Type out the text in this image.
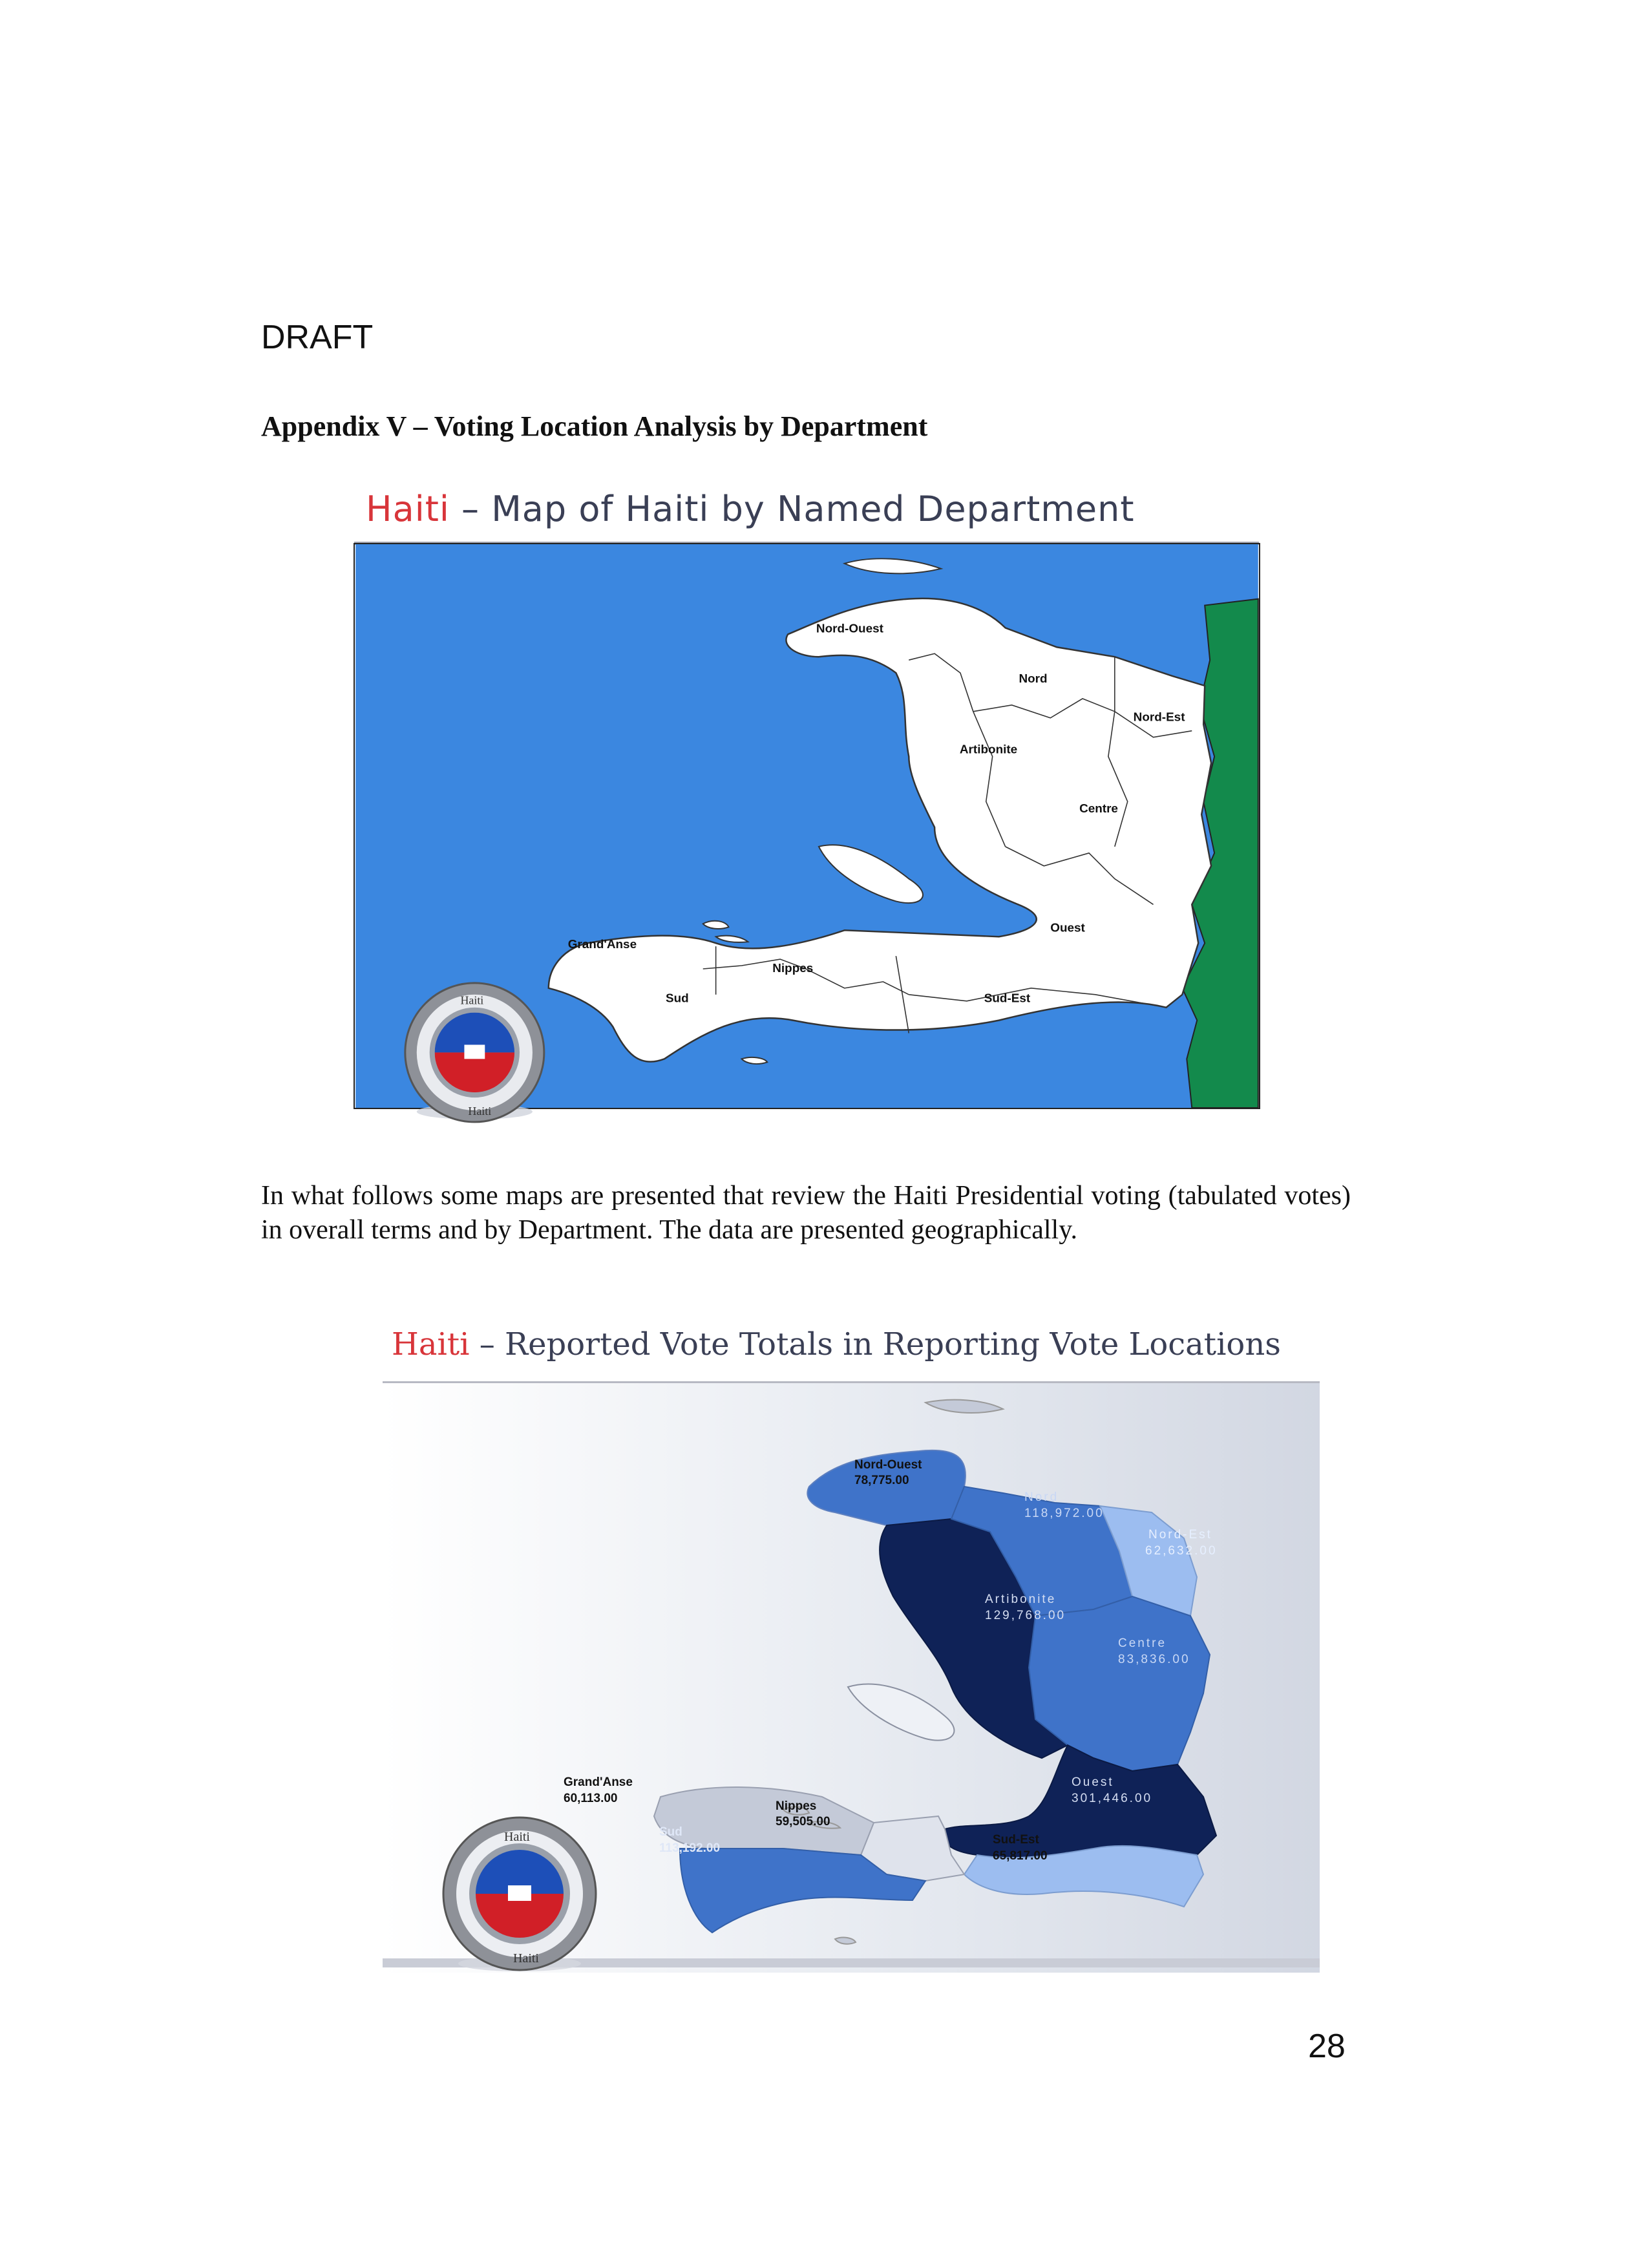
DRAFT
Appendix V – Voting Location Analysis by Department
Haiti – Map of Haiti by Named Department
Nord-Ouest
Nord
Nord-Est
Artibonite
Centre
Ouest
Grand'Anse
Nippes
Sud	Sud-Est
Haiti
Haiti
In what follows some maps are presented that review the Haiti Presidential voting (tabulated votes) in overall terms and by Department. The data are presented geographically.
Haiti – Reported Vote Totals in Reporting Vote Locations
Nord-Ouest
78,775.00
Nord
118,972.00
Nord-Est
62,632.00
Artibonite
129,768.00
Centre
83,836.00
Ouest
301,446.00
Grand'Anse
60,113.00
Nippes
59,505.00
Sud
113,192.00
Sud-Est
65,817.00
Haiti
Haiti
28
